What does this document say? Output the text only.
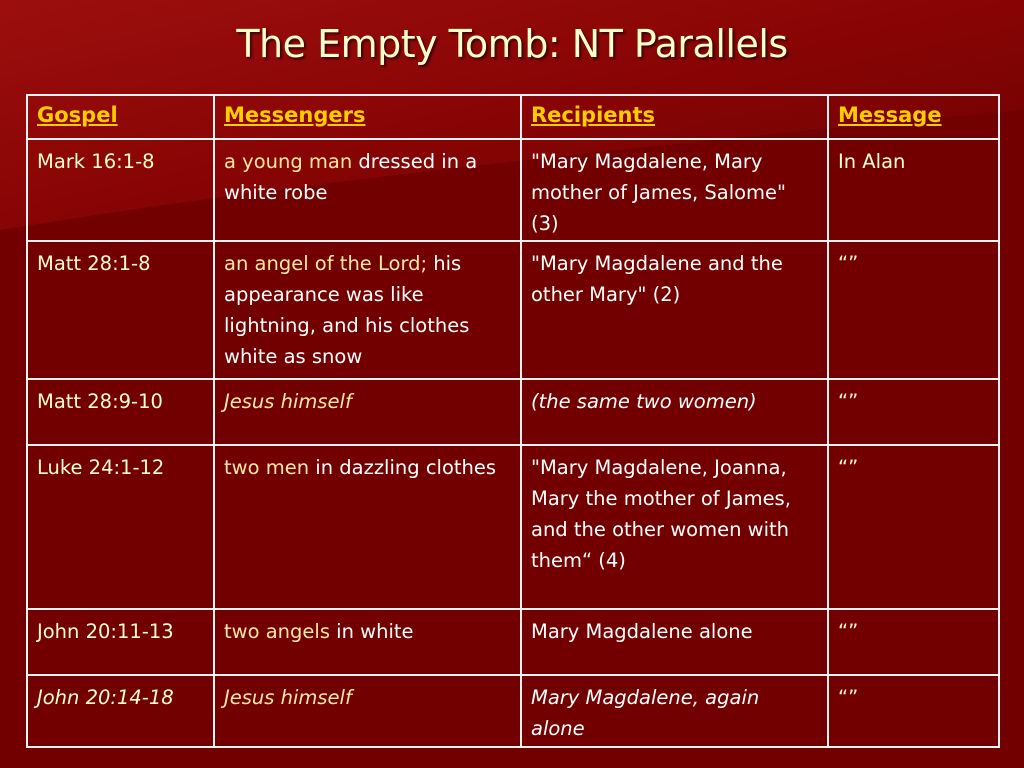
The Empty Tomb: NT Parallels
Gospel	Messengers	Recipients	Message
Mark 16:1-8	a young man dressed in a white robe	"Mary Magdalene, Mary mother of James, Salome" (3)	In Alan
Matt 28:1-8	an angel of the Lord; his appearance was like lightning, and his clothes white as snow	"Mary Magdalene and the other Mary" (2)	“”
Matt 28:9-10	Jesus himself	(the same two women)	“”
Luke 24:1-12	two men in dazzling clothes	"Mary Magdalene, Joanna, Mary the mother of James, and the other women with them“ (4)	“”
John 20:11-13	two angels in white	Mary Magdalene alone	“”
John 20:14-18	Jesus himself	Mary Magdalene, again alone	“”
